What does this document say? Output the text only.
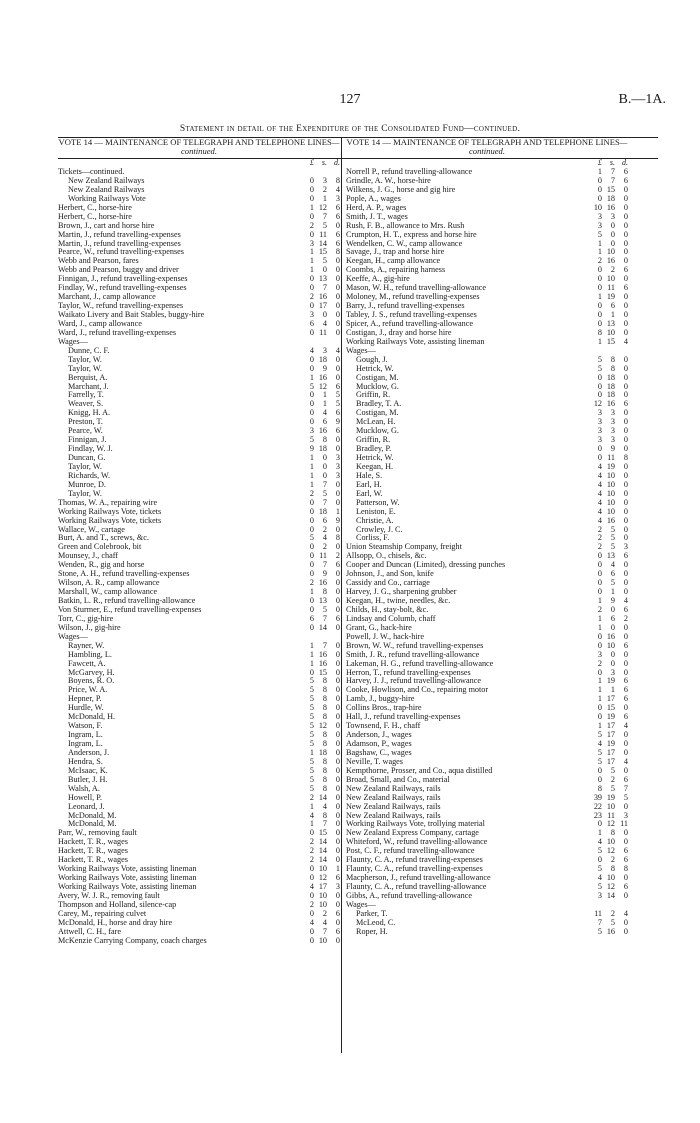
127	B.—1A.
Statement in detail of the Expenditure of the Consolidated Fund—continued.
VOTE 14 — MAINTENANCE OF TELEGRAPH AND TELEPHONE LINES—continued.
£ s. d.
Tickets—continued.
New Zealand Railways	0	3	8
New Zealand Railways	0	2	4
Working Railways Vote	0	1	3
Herbert, C., horse-hire	1 12	6
Herbert, C., horse-hire	0	7	6
Brown, J., cart and horse hire	2	5	0
Martin, J., refund travelling-expenses	0 11	6
Martin, J., refund travelling-expenses	3 14	6
Pearce, W., refund travelling-expenses	1 15	8
Webb and Pearson, fares	1	5	0
Webb and Pearson, buggy and driver	1	0	0
Finnigan, J., refund travelling-expenses	0 13	0
Findlay, W., refund travelling-expenses	0	7	0
Marchant, J., camp allowance	2 16	0
Taylor, W., refund travelling-expenses	0 17	0
Waikato Livery and Bait Stables, buggy-hire	3	0	0
Ward, J., camp allowance	6	4	0
Ward, J., refund travelling-expenses	0 11	0
Wages—
Dunne, C. F.	4	3	4
Taylor, W.	0 18	0
Taylor, W.	0	9	0
Berquist, A.	1 16	0
Marchant, J.	5 12	6
Farrelly, T.	0	1	5
Weaver, S.	0	1	5
Knigg, H. A.	0	4	6
Preston, T.	0	6	9
Pearce, W.	3 16	6
Finnigan, J.	5	8	0
Findlay, W. J.	9 18	0
Duncan, G.	1	0	3
Taylor, W.	1	0	3
Richards, W.	1	0	3
Munroe, D.	1	7	0
Taylor, W.	2	5	0
Thomas, W. A., repairing wire	0	7	0
Working Railways Vote, tickets	0 18	1
Working Railways Vote, tickets	0	6	9
Wallace, W., cartage	0	2	0
Burt, A. and T., screws, &c.	5	4	8
Green and Colebrook, bit	0	2	0
Mounsey, J., chaff	0 11	2
Wenden, R., gig and horse	0	7	6
Stone, A. H., refund travelling-expenses	0	9	0
Wilson, A. R., camp allowance	2 16	0
Marshall, W., camp allowance	1	8	0
Batkin, L. R., refund travelling-allowance	0 13	0
Von Sturmer, E., refund travelling-expenses	0	5	0
Torr, C., gig-hire	6	7	6
Wilson, J., gig-hire	0 14	0
Wages—
Rayner, W.	1	7	0
Hambling, L.	1 16	0
Fawcett, A.	1 16	0
McGarvey, H.	0 15	0
Boyens, R. O.	5	8	0
Price, W. A.	5	8	0
Hepner, P.	5	8	0
Hurdle, W.	5	8	0
McDonald, H.	5	8	0
Watson, F.	5 12	0
Ingram, L.	5	8	0
Ingram, L.	5	8	0
Anderson, J.	1 18	0
Hendra, S.	5	8	0
McIsaac, K.	5	8	0
Butler, J. H.	5	8	0
Walsh, A.	5	8	0
Howell, P.	2 14	0
Leonard, J.	1	4	0
McDonald, M.	4	8	0
McDonald, M.	1	7	0
Parr, W., removing fault	0 15	0
Hackett, T. R., wages	2 14	0
Hackett, T. R., wages	2 14	0
Hackett, T. R., wages	2 14	0
Working Railways Vote, assisting lineman	0 10	1
Working Railways Vote, assisting lineman	0 12	6
Working Railways Vote, assisting lineman	4 17	3
Avery, W. J. R., removing fault	0 10	0
Thompson and Holland, silence-cap	2 10	0
Carey, M., repairing culvet	0	2	6
McDonald, H., horse and dray hire	4	4	0
Attwell, C. H., fare	0	7	6
McKenzie Carrying Company, coach charges	0 10	0
VOTE 14 — MAINTENANCE OF TELEGRAPH AND TELEPHONE LINES—continued.
£ s. d.
Norrell P., refund travelling-allowance	1	7	6
Grindle, A. W., horse-hire	0	7	6
Wilkens, J. G., horse and gig hire	0 15	0
Pople, A., wages	0 18	0
Herd, A. P., wages	10 16	0
Smith, J. T., wages	3	3	0
Rush, F. B., allowance to Mrs. Rush	3	0	0
Crumpton, H. T., express and horse hire	5	0	0
Wendelken, C. W., camp allowance	1	0	0
Savage, J., trap and horse hire	1 10	0
Keegan, H., camp allowance	2 16	0
Coombs, A., repairing harness	0	2	6
Keeffe, A., gig-hire	0 10	0
Mason, W. H., refund travelling-allowance	0 11	6
Moloney, M., refund travelling-expenses	1 19	0
Barry, J., refund travelling-expenses	0	6	0
Tabley, J. S., refund travelling-expenses	0	1	0
Spicer, A., refund travelling-allowance	0 13	0
Costigan, J., dray and horse hire	8 10	0
Working Railways Vote, assisting lineman	1 15	4
Wages—
Gough, J.	5	8	0
Hetrick, W.	5	8	0
Costigan, M.	0 18	0
Mucklow, G.	0 18	0
Griffin, R.	0 18	0
Bradley, T. A.	12 16	6
Costigan, M.	3	3	0
McLean, H.	3	3	0
Mucklow, G.	3	3	0
Griffin, R.	3	3	0
Bradley, P.	0	9	0
Hetrick, W.	0 11	8
Keegan, H.	4 19	0
Hale, S.	4 10	0
Earl, H.	4 10	0
Earl, W.	4 10	0
Patterson, W.	4 10	0
Leniston, E.	4 10	0
Christie, A.	4 16	0
Crowley, J. C.	2	5	0
Corliss, F.	2	5	0
Union Steamship Company, freight	2	5	3
Allsopp, O., chisels, &c.	0 13	6
Cooper and Duncan (Limited), dressing punches	0	4	0
Johnson, J., and Son, knife	0	6	0
Cassidy and Co., carriage	0	5	0
Harvey, J. G., sharpening grubber	0	1	0
Keegan, H., twine, needles, &c.	1	9	4
Childs, H., stay-bolt, &c.	2	0	6
Lindsay and Columb, chaff	1	6	2
Grant, G., hack-hire	1	0	0
Powell, J. W., hack-hire	0 16	0
Brown, W. W., refund travelling-expenses	0 10	6
Smith, J. R., refund travelling-allowance	3	0	0
Lakeman, H. G., refund travelling-allowance	2	0	0
Herron, T., refund travelling-expenses	0	3	0
Harvey, J. J., refund travelling-allowance	1 19	6
Cooke, Howlison, and Co., repairing motor	1	1	6
Lamb, J., buggy-hire	1 17	6
Collins Bros., trap-hire	0 15	0
Hall, J., refund travelling-expenses	0 19	6
Townsend, F. H., chaff	1 17	4
Anderson, J., wages	5 17	0
Adamson, P., wages	4 19	0
Bagshaw, C., wages	5 17	0
Neville, T. wages	5 17	4
Kempthorne, Prosser, and Co., aqua distilled	0	5	0
Broad, Small, and Co., material	0	2	6
New Zealand Railways, rails	8	5	7
New Zealand Railways, rails	39 19	5
New Zealand Railways, rails	22 10	0
New Zealand Railways, rails	23 11	3
Working Railways Vote, trollying material	0 12 11
New Zealand Express Company, cartage	1	8	0
Whiteford, W., refund travelling-allowance	4 10	0
Post, C. F., refund travelling-allowance	5 12	6
Flaunty, C. A., refund travelling-expenses	0	2	6
Flaunty, C. A., refund travelling-expenses	5	8	8
Macpherson, J., refund travelling-allowance	4 10	0
Flaunty, C. A., refund travelling-allowance	5 12	6
Gibbs, A., refund travelling-allowance	3 14	0
Wages—
Parker, T.	11	2	4
McLeod, C.	7	5	0
Roper, H.	5 16	0
